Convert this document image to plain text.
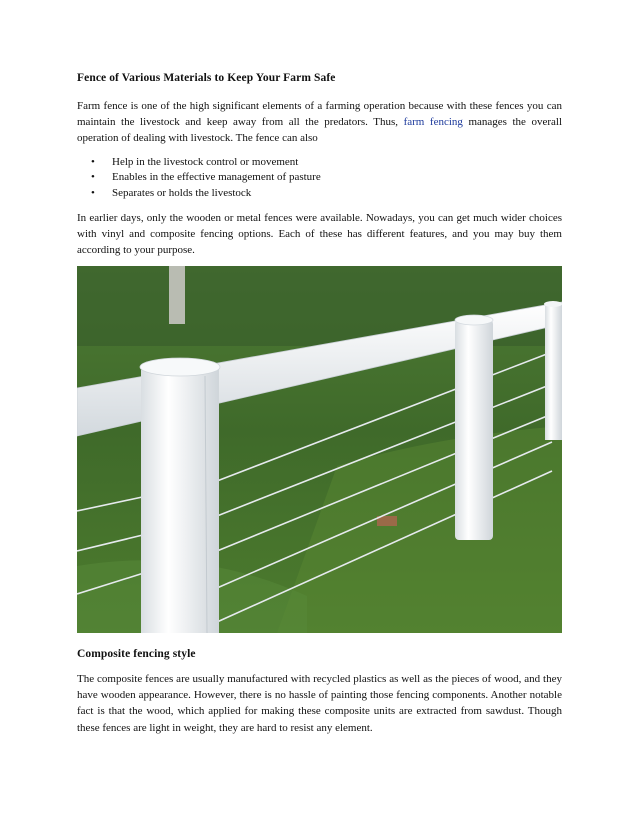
Fence of Various Materials to Keep Your Farm Safe
Farm fence is one of the high significant elements of a farming operation because with these fences you can maintain the livestock and keep away from all the predators. Thus, farm fencing manages the overall operation of dealing with livestock. The fence can also
• Help in the livestock control or movement
• Enables in the effective management of pasture
• Separates or holds the livestock
In earlier days, only the wooden or metal fences were available. Nowadays, you can get much wider choices with vinyl and composite fencing options. Each of these has different features, and you may buy them according to your purpose.
Composite fencing style
The composite fences are usually manufactured with recycled plastics as well as the pieces of wood, and they have wooden appearance. However, there is no hassle of painting those fencing components. Another notable fact is that the wood, which applied for making these composite units are extracted from sawdust. Though these fences are light in weight, they are hard to resist any element.
